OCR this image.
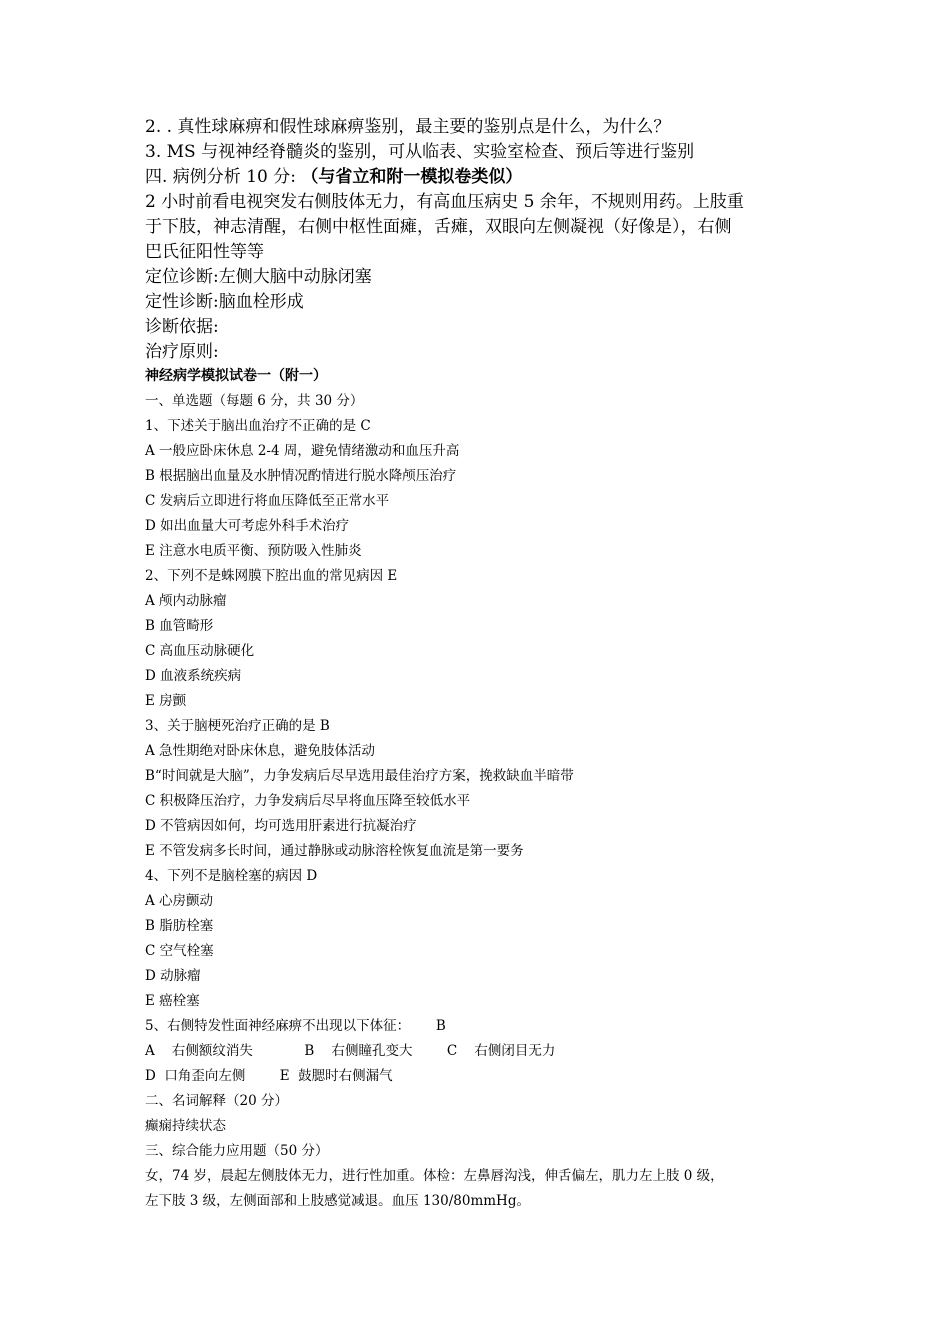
2. . 真性球麻痹和假性球麻痹鉴别，最主要的鉴别点是什么，为什么？

3. MS 与视神经脊髓炎的鉴别，可从临表、实验室检查、预后等进行鉴别

四. 病例分析 10 分: （与省立和附一模拟卷类似）

2 小时前看电视突发右侧肢体无力，有高血压病史 5 余年，不规则用药。上肢重

于下肢，神志清醒，右侧中枢性面瘫，舌瘫，双眼向左侧凝视（好像是），右侧

巴氏征阳性等等

定位诊断:左侧大脑中动脉闭塞

定性诊断:脑血栓形成

诊断依据:

治疗原则:

神经病学模拟试卷一（附一）

一、单选题（每题 6 分，共 30 分）

1、下述关于脑出血治疗不正确的是 C

A 一般应卧床休息 2-4 周，避免情绪激动和血压升高

B 根据脑出血量及水肿情况酌情进行脱水降颅压治疗

C 发病后立即进行将血压降低至正常水平

D 如出血量大可考虑外科手术治疗

E 注意水电质平衡、预防吸入性肺炎

2、下列不是蛛网膜下腔出血的常见病因 E

A 颅内动脉瘤

B 血管畸形

C 高血压动脉硬化

D 血液系统疾病

E 房颤

3、关于脑梗死治疗正确的是 B

A 急性期绝对卧床休息，避免肢体活动

B“时间就是大脑”，力争发病后尽早选用最佳治疗方案，挽救缺血半暗带

C 积极降压治疗，力争发病后尽早将血压降至较低水平

D 不管病因如何，均可选用肝素进行抗凝治疗

E 不管发病多长时间，通过静脉或动脉溶栓恢复血流是第一要务

4、下列不是脑栓塞的病因 D

A 心房颤动

B 脂肪栓塞

C 空气栓塞

D 动脉瘤

E 癌栓塞

5、右侧特发性面神经麻痹不出现以下体征：      B

A    右侧额纹消失            B    右侧瞳孔变大        C    右侧闭目无力

D  口角歪向左侧        E  鼓腮时右侧漏气

二、名词解释（20 分）

癫痫持续状态

三、综合能力应用题（50 分）

女，74 岁，晨起左侧肢体无力，进行性加重。体检：左鼻唇沟浅，伸舌偏左，肌力左上肢 0 级，

左下肢 3 级，左侧面部和上肢感觉减退。血压 130/80mmHg。
